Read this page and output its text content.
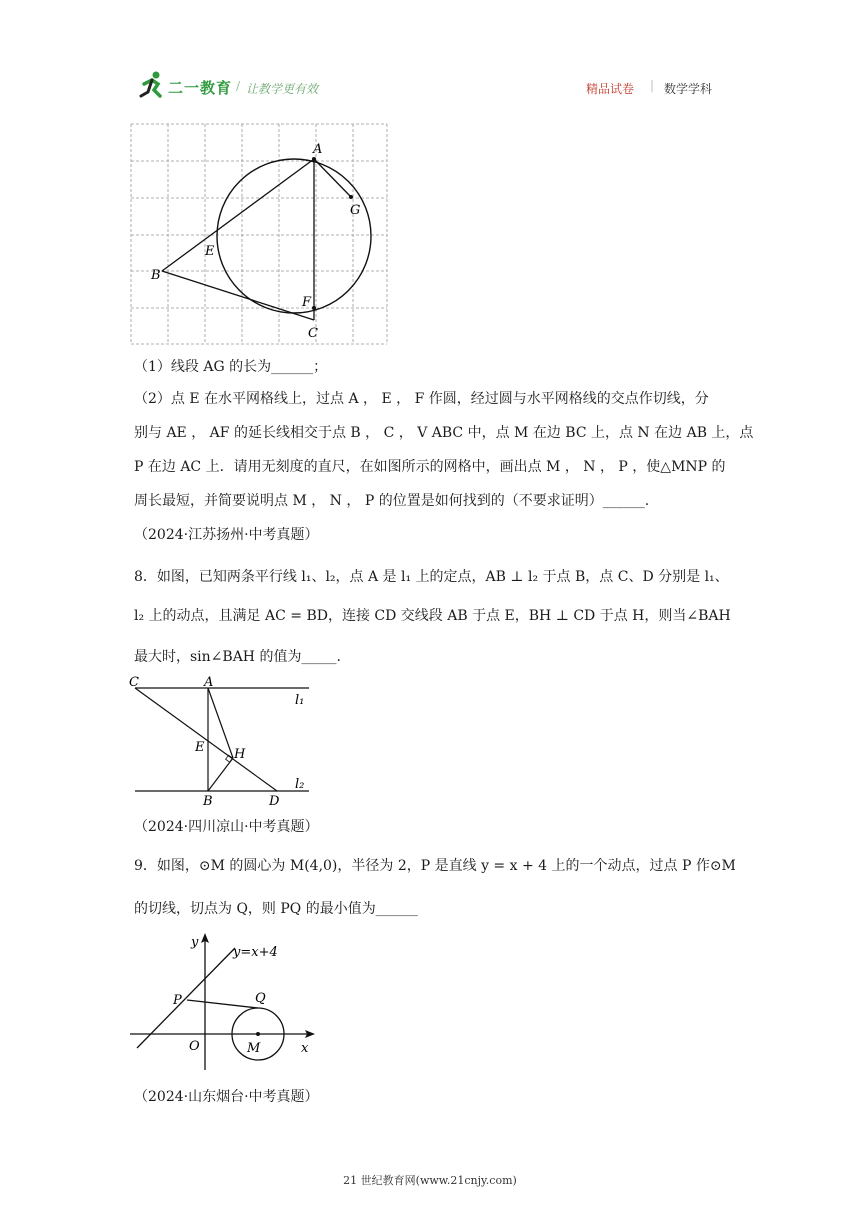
二一教育 / 让教学更有效	精品试卷 | 数学学科
A
G
E
B
F
C

（1）线段 AG 的长为______；

（2）点 E 在水平网格线上，过点 A ， E ， F 作圆，经过圆与水平网格线的交点作切线，分

别与 AE ， AF 的延长线相交于点 B ， C ， V ABC 中，点 M 在边 BC 上，点 N 在边 AB 上，点

P 在边 AC 上．请用无刻度的直尺，在如图所示的网格中，画出点 M ， N ， P ，使△MNP 的

周长最短，并简要说明点 M ， N ， P 的位置是如何找到的（不要求证明）______.

（2024·江苏扬州·中考真题）

8．如图，已知两条平行线 l₁、l₂，点 A 是 l₁ 上的定点，AB ⊥ l₂ 于点 B，点 C、D 分别是 l₁、

l₂ 上的动点，且满足 AC = BD，连接 CD 交线段 AB 于点 E，BH ⊥ CD 于点 H，则当∠BAH

最大时，sin∠BAH 的值为_____.

C	A
l₁
E H
l₂
B	D

（2024·四川凉山·中考真题）

9．如图，⊙M 的圆心为 M(4,0)，半径为 2，P 是直线 y = x + 4 上的一个动点，过点 P 作⊙M

的切线，切点为 Q，则 PQ 的最小值为______

y
y=x+4
P	Q
O	M	x

（2024·山东烟台·中考真题）

21 世纪教育网(www.21cnjy.com)
